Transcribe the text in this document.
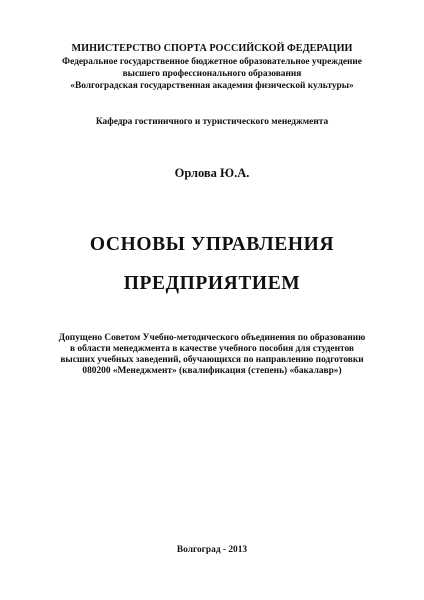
МИНИСТЕРСТВО СПОРТА РОССИЙСКОЙ ФЕДЕРАЦИИ
Федеральное государственное бюджетное образовательное учреждение
высшего профессионального образования
«Волгоградская государственная академия физической культуры»
Кафедра гостиничного и туристического менеджмента
Орлова Ю.А.
ОСНОВЫ УПРАВЛЕНИЯ
ПРЕДПРИЯТИЕМ
Допущено Советом Учебно-методического объединения по образованию
в области менеджмента в качестве учебного пособия для студентов
высших учебных заведений, обучающихся по направлению подготовки
080200 «Менеджмент» (квалификация (степень) «бакалавр»)
Волгоград - 2013
